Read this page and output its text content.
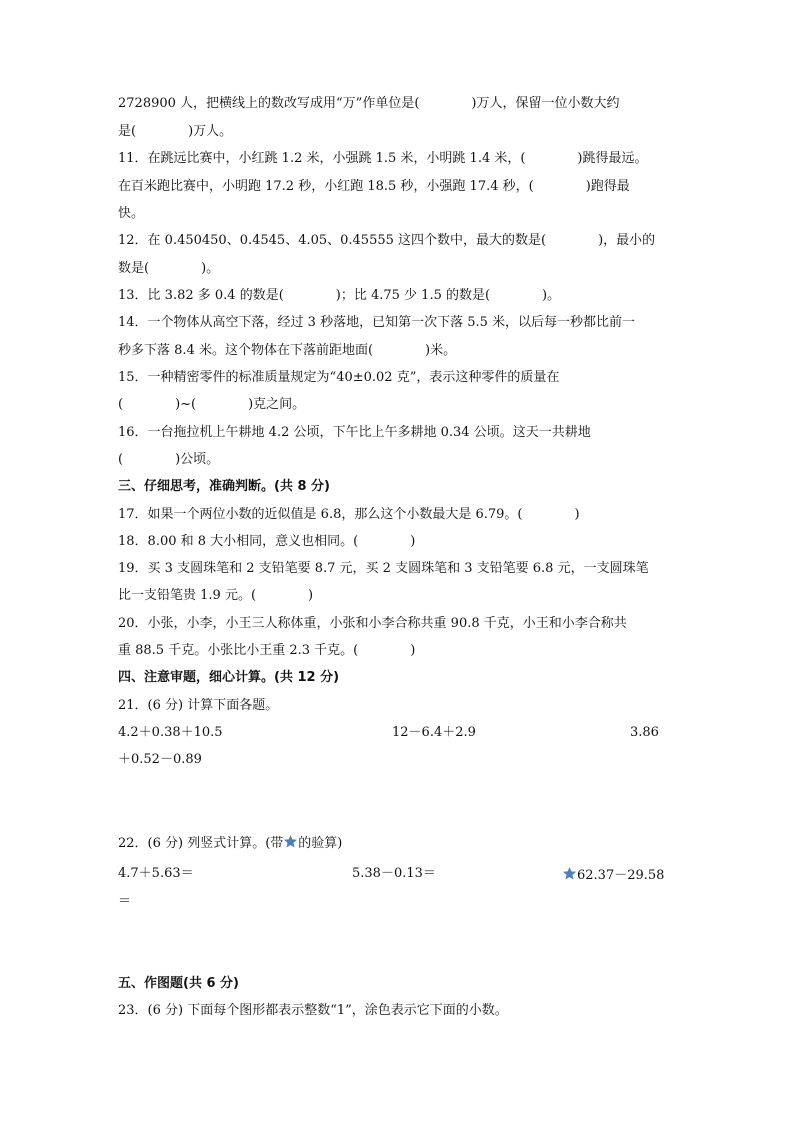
2728900 人，把横线上的数改写成用“万”作单位是(　　　　)万人，保留一位小数大约
是(　　　　)万人。
11．在跳远比赛中，小红跳 1.2 米，小强跳 1.5 米，小明跳 1.4 米，(　　　　)跳得最远。
在百米跑比赛中，小明跑 17.2 秒，小红跑 18.5 秒，小强跑 17.4 秒，(　　　　)跑得最
快。
12．在 0.450450、0.4545、4.05、0.45555 这四个数中，最大的数是(　　　　)，最小的
数是(　　　　)。
13．比 3.82 多 0.4 的数是(　　　　)；比 4.75 少 1.5 的数是(　　　　)。
14．一个物体从高空下落，经过 3 秒落地，已知第一次下落 5.5 米，以后每一秒都比前一
秒多下落 8.4 米。这个物体在下落前距地面(　　　　)米。
15．一种精密零件的标准质量规定为“40±0.02 克”，表示这种零件的质量在
(　　　　)~(　　　　)克之间。
16．一台拖拉机上午耕地 4.2 公顷，下午比上午多耕地 0.34 公顷。这天一共耕地
(　　　　)公顷。
三、仔细思考，准确判断。(共 8 分)
17．如果一个两位小数的近似值是 6.8，那么这个小数最大是 6.79。(　　　　)
18．8.00 和 8 大小相同，意义也相同。(　　　　)
19．买 3 支圆珠笔和 2 支铅笔要 8.7 元，买 2 支圆珠笔和 3 支铅笔要 6.8 元，一支圆珠笔
比一支铅笔贵 1.9 元。(　　　　)
20．小张，小李，小王三人称体重，小张和小李合称共重 90.8 千克，小王和小李合称共
重 88.5 千克。小张比小王重 2.3 千克。(　　　　)
四、注意审题，细心计算。(共 12 分)
21．(6 分) 计算下面各题。
4.2＋0.38＋10.5	12－6.4＋2.9	3.86
＋0.52－0.89
22．(6 分) 列竖式计算。(带 的验算)
4.7＋5.63＝	5.38－0.13＝	62.37－29.58
＝
五、作图题(共 6 分)
23．(6 分) 下面每个图形都表示整数“1”，涂色表示它下面的小数。
